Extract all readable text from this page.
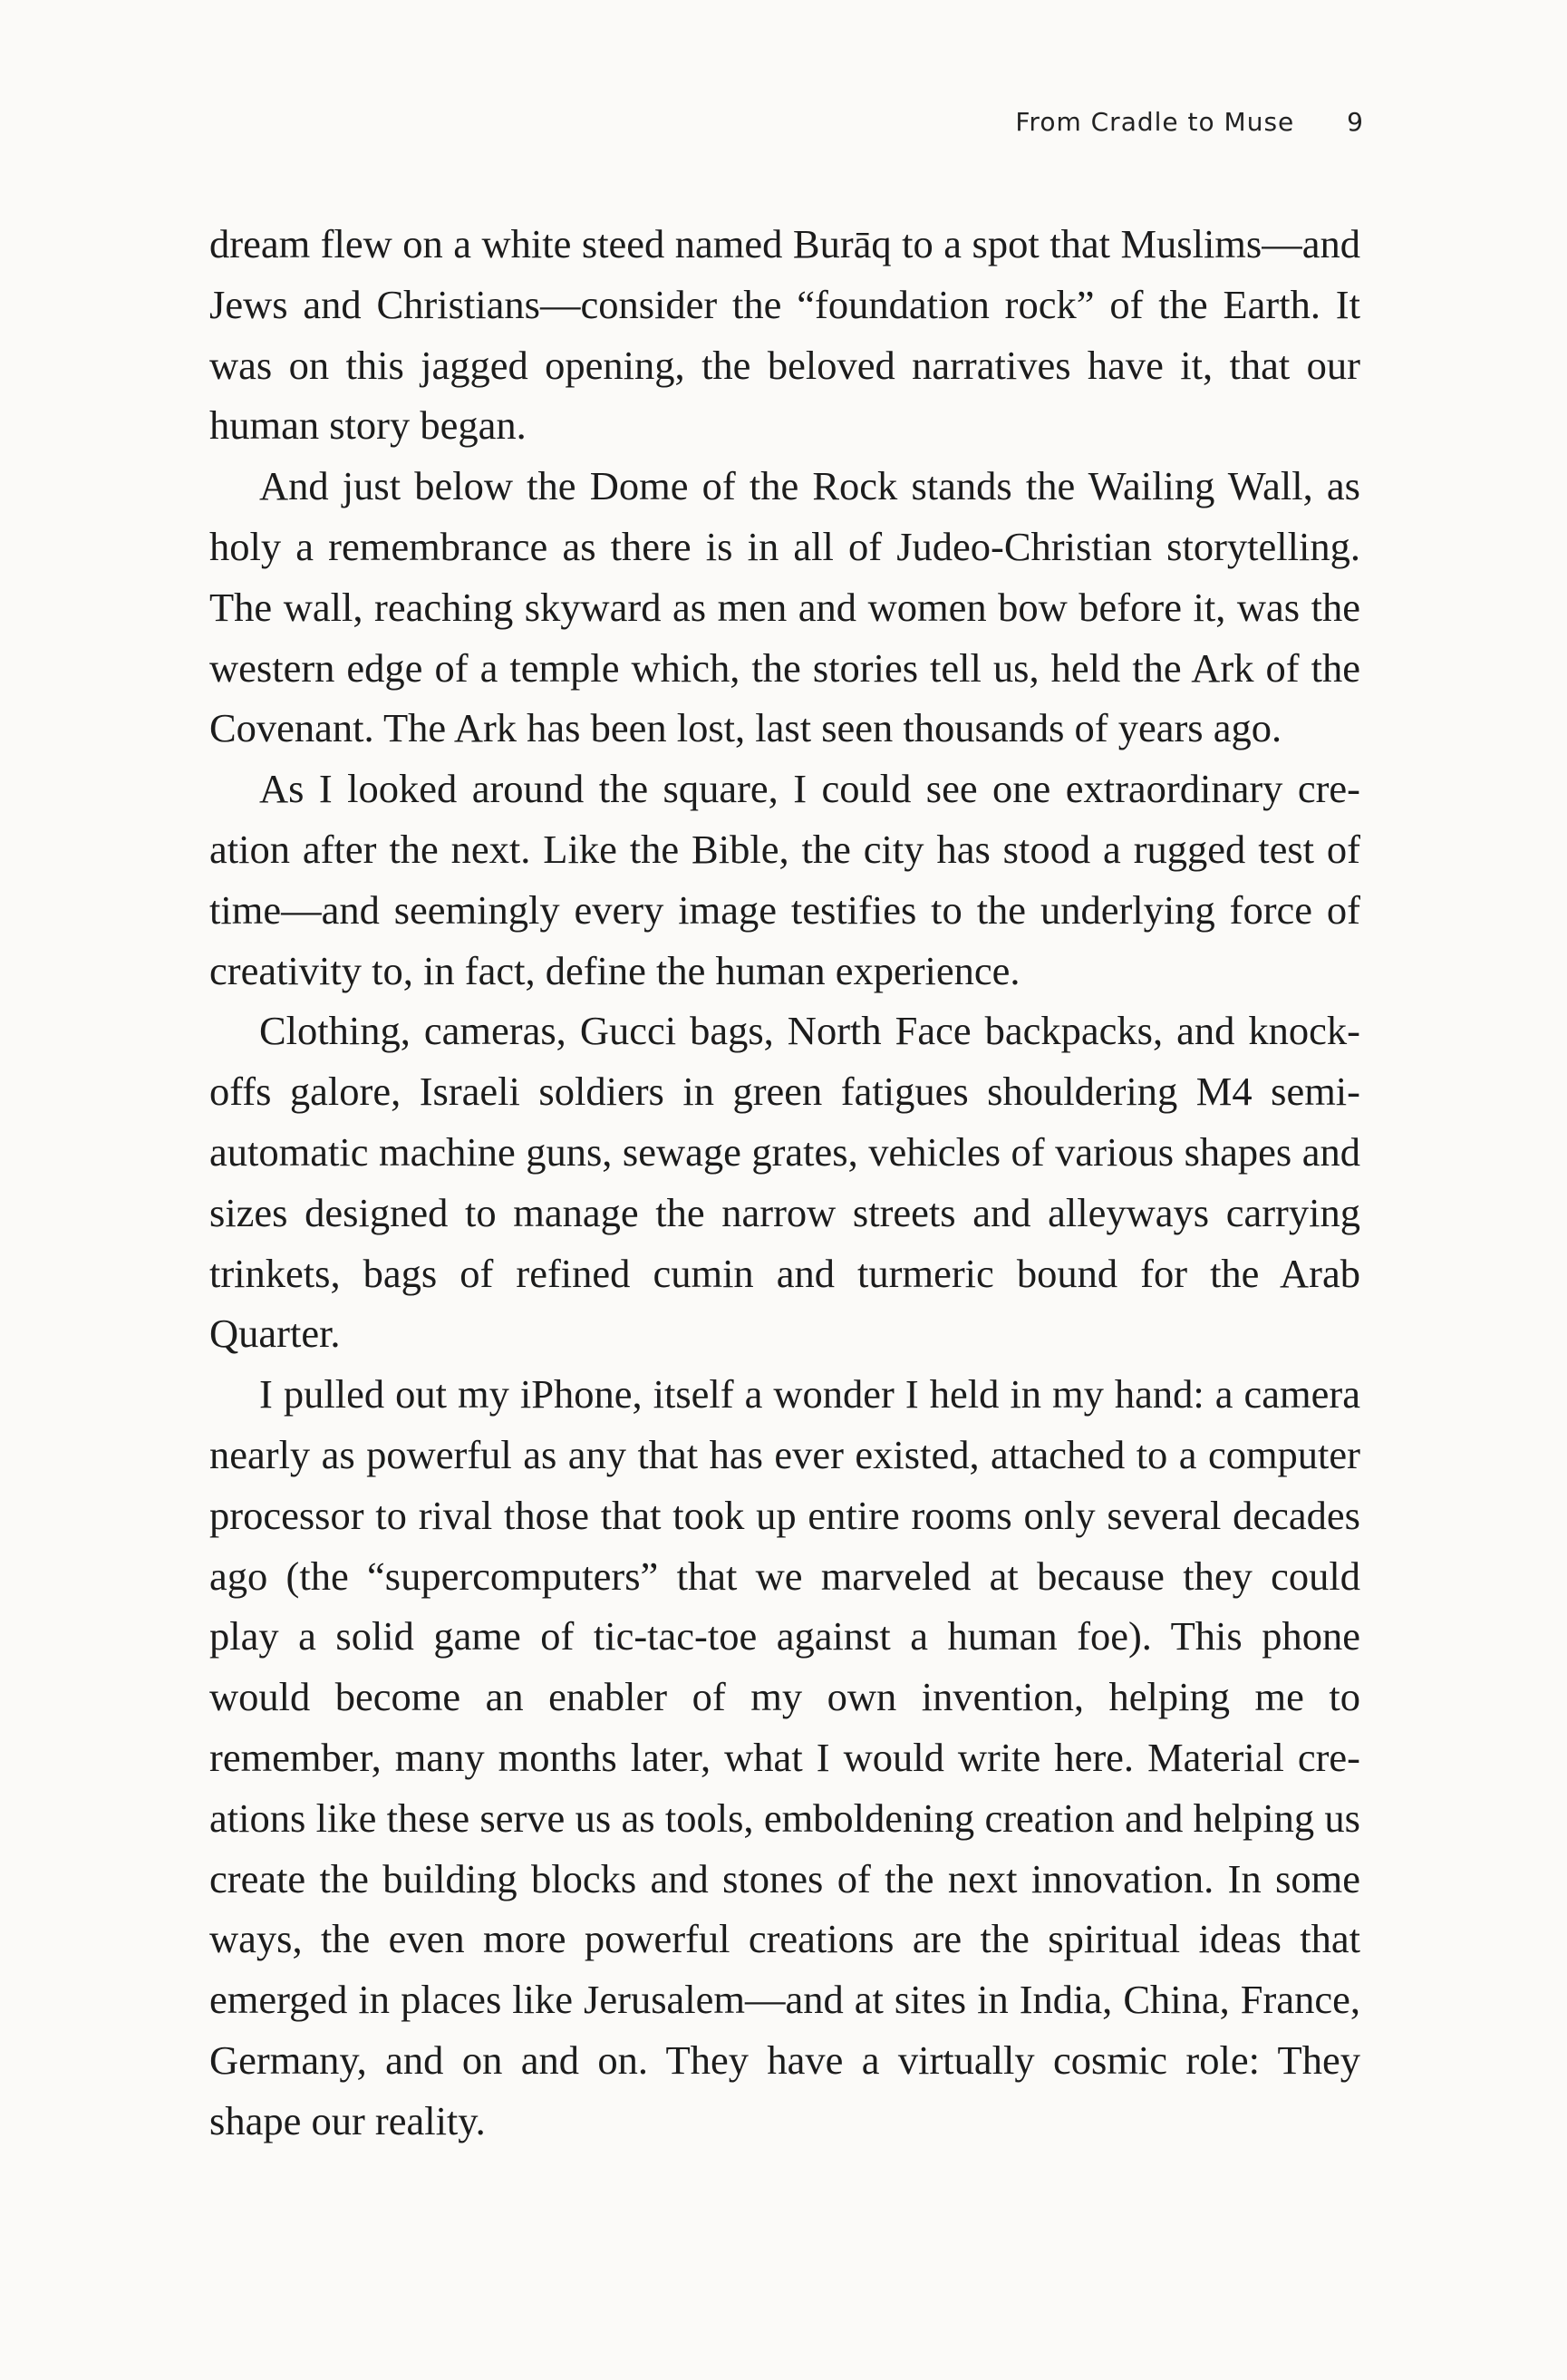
From Cradle to Muse 9

dream flew on a white steed named Burāq to a spot that Muslims—and Jews and Christians—consider the “foundation rock” of the Earth. It was on this jagged opening, the beloved narratives have it, that our human story began.

And just below the Dome of the Rock stands the Wailing Wall, as holy a remembrance as there is in all of Judeo-Christian storytelling. The wall, reaching skyward as men and women bow before it, was the western edge of a temple which, the stories tell us, held the Ark of the Covenant. The Ark has been lost, last seen thousands of years ago.

As I looked around the square, I could see one extraordinary creation after the next. Like the Bible, the city has stood a rugged test of time—and seemingly every image testifies to the underlying force of creativity to, in fact, define the human experience.

Clothing, cameras, Gucci bags, North Face backpacks, and knockoffs galore, Israeli soldiers in green fatigues shouldering M4 semiautomatic machine guns, sewage grates, vehicles of various shapes and sizes designed to manage the narrow streets and alleyways carrying trinkets, bags of refined cumin and turmeric bound for the Arab Quarter.

I pulled out my iPhone, itself a wonder I held in my hand: a camera nearly as powerful as any that has ever existed, attached to a computer processor to rival those that took up entire rooms only several decades ago (the “supercomputers” that we marveled at because they could play a solid game of tic-tac-toe against a human foe). This phone would become an enabler of my own invention, helping me to remember, many months later, what I would write here. Material creations like these serve us as tools, emboldening creation and helping us create the building blocks and stones of the next innovation. In some ways, the even more powerful creations are the spiritual ideas that emerged in places like Jerusalem—and at sites in India, China, France, Germany, and on and on. They have a virtually cosmic role: They shape our reality.
